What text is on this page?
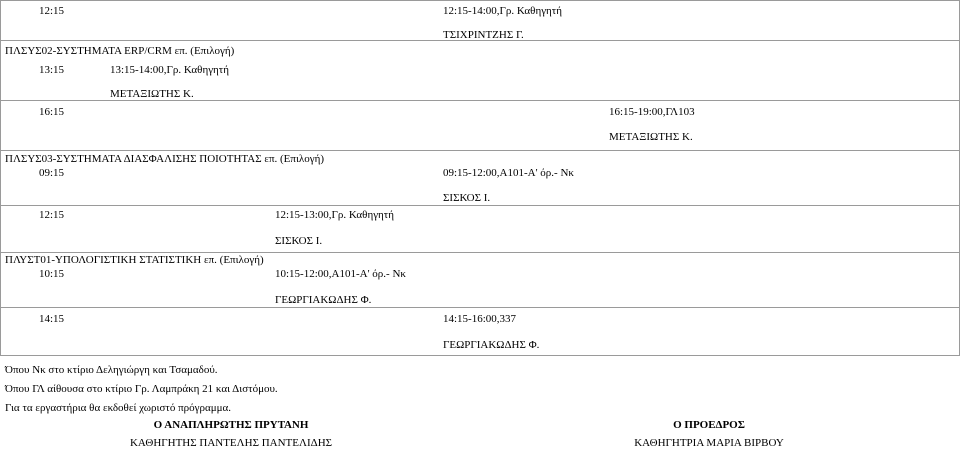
12:15	12:15-14:00,Γρ. Καθηγητή
ΤΣΙΧΡΙΝΤΖΗΣ Γ.
ΠΛΣΥΣ02-ΣΥΣΤΗΜΑΤΑ ERP/CRM επ. (Επιλογή)
13:15	13:15-14:00,Γρ. Καθηγητή
ΜΕΤΑΞΙΩΤΗΣ Κ.
16:15	16:15-19:00,ΓΛ103
ΜΕΤΑΞΙΩΤΗΣ Κ.
ΠΛΣΥΣ03-ΣΥΣΤΗΜΑΤΑ ΔΙΑΣΦΑΛΙΣΗΣ ΠΟΙΟΤΗΤΑΣ επ. (Επιλογή)
09:15	09:15-12:00,Α101-Α' όρ.- Νκ
ΣΙΣΚΟΣ Ι.
12:15	12:15-13:00,Γρ. Καθηγητή
ΣΙΣΚΟΣ Ι.
ΠΛΥΣΤ01-ΥΠΟΛΟΓΙΣΤΙΚΗ ΣΤΑΤΙΣΤΙΚΗ επ. (Επιλογή)
10:15	10:15-12:00,Α101-Α' όρ.- Νκ
ΓΕΩΡΓΙΑΚΩΔΗΣ Φ.
14:15	14:15-16:00,337
ΓΕΩΡΓΙΑΚΩΔΗΣ Φ.
Όπου Νκ στο κτίριο Δεληγιώργη και Τσαμαδού.
Όπου ΓΛ αίθουσα στο κτίριο Γρ. Λαμπράκη 21 και Διστόμου.
Για τα εργαστήρια θα εκδοθεί χωριστό πρόγραμμα.
Ο ΑΝΑΠΛΗΡΩΤΗΣ ΠΡΥΤΑΝΗ
ΚΑΘΗΓΗΤΗΣ ΠΑΝΤΕΛΗΣ ΠΑΝΤΕΛΙΔΗΣ
Ο ΠΡΟΕΔΡΟΣ
ΚΑΘΗΓΗΤΡΙΑ ΜΑΡΙΑ ΒΙΡΒΟΥ
